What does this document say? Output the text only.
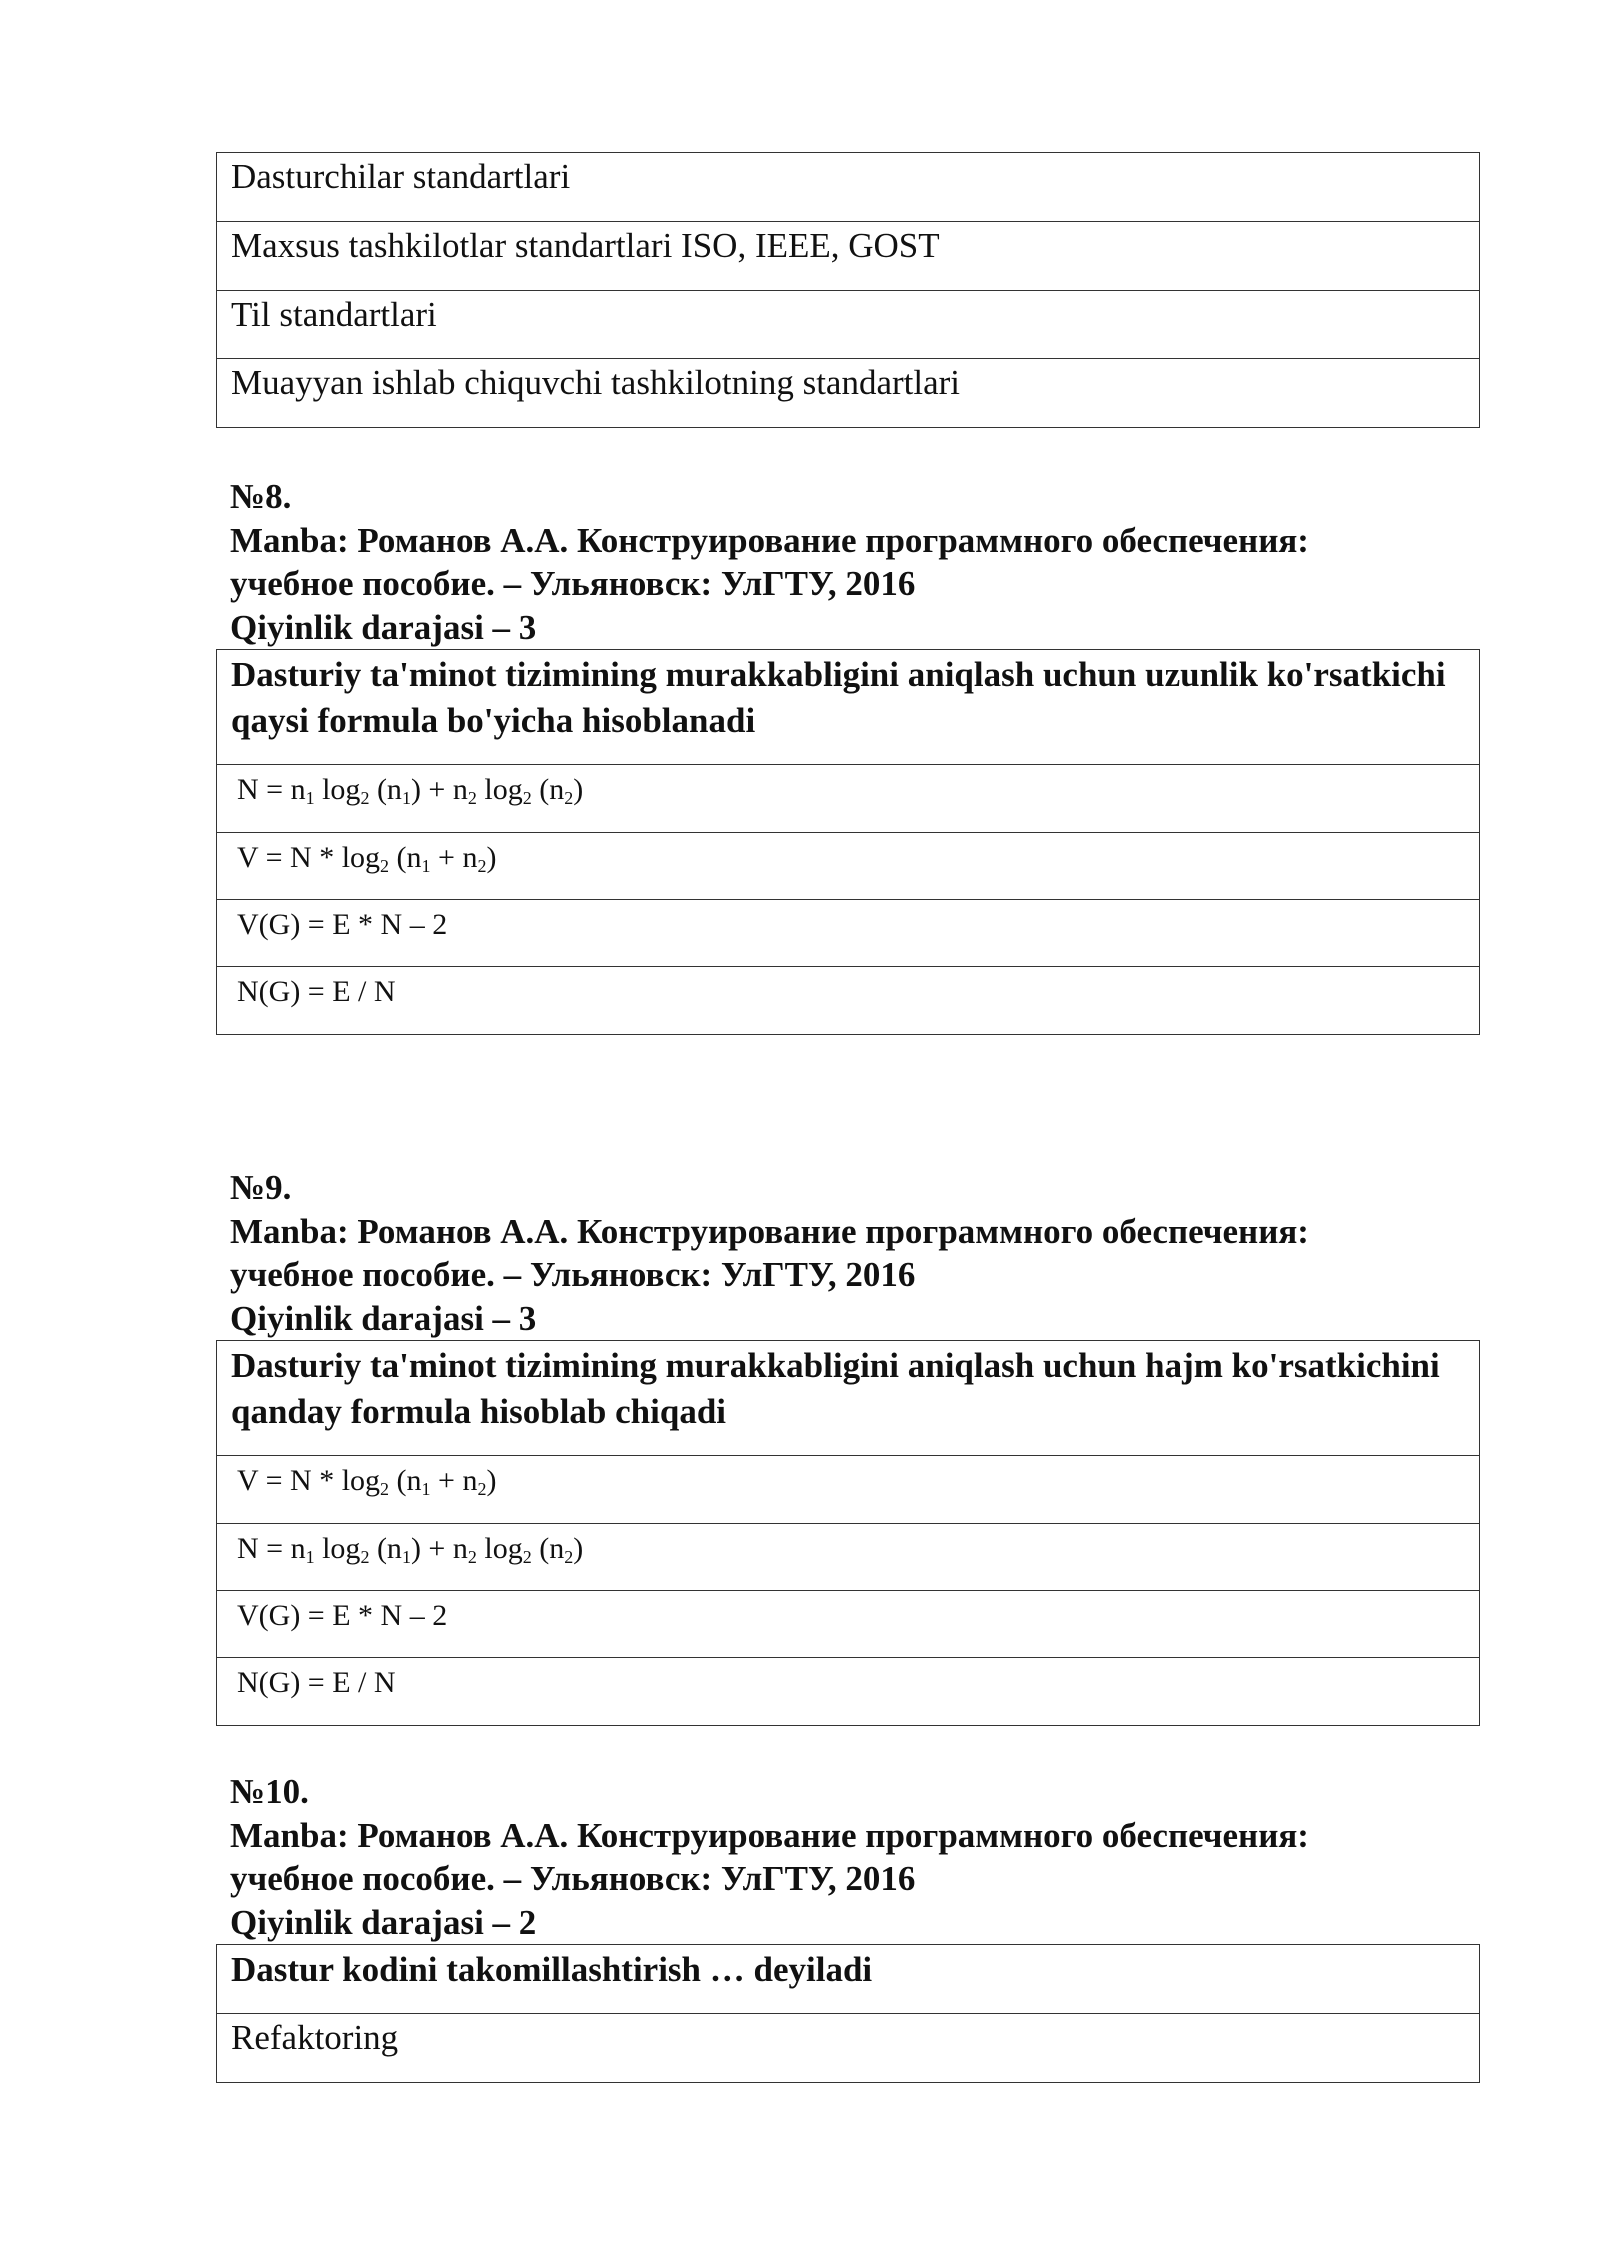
Dasturchilar standartlari
Maxsus tashkilotlar standartlari ISO, IEEE, GOST
Til standartlari
Muayyan ishlab chiquvchi tashkilotning standartlari
№8.
Manba: Романов А.А. Конструирование программного обеспечения:
учебное пособие. – Ульяновск: УлГТУ, 2016
Qiyinlik darajasi – 3
Dasturiy ta'minot tizimining murakkabligini aniqlash uchun uzunlik ko'rsatkichi qaysi formula bo'yicha hisoblanadi
$N = n_1$ $\log_2 (n_1) + n_2$ $\log_2 (n_2)$
$V = N * \log_2 (n_1 + n_2)$
V(G) = E * N – 2
N(G) = E / N
№9.
Manba: Романов А.А. Конструирование программного обеспечения:
учебное пособие. – Ульяновск: УлГТУ, 2016
Qiyinlik darajasi – 3
Dasturiy ta'minot tizimining murakkabligini aniqlash uchun hajm ko'rsatkichini qanday formula hisoblab chiqadi
$V = N * \log_2 (n_1 + n_2)$
$N = n_1$ $\log_2 (n_1) + n_2$ $\log_2 (n_2)$
V(G) = E * N – 2
N(G) = E / N
№10.
Manba: Романов А.А. Конструирование программного обеспечения:
учебное пособие. – Ульяновск: УлГТУ, 2016
Qiyinlik darajasi – 2
Dastur kodini takomillashtirish … deyiladi
Refaktoring
